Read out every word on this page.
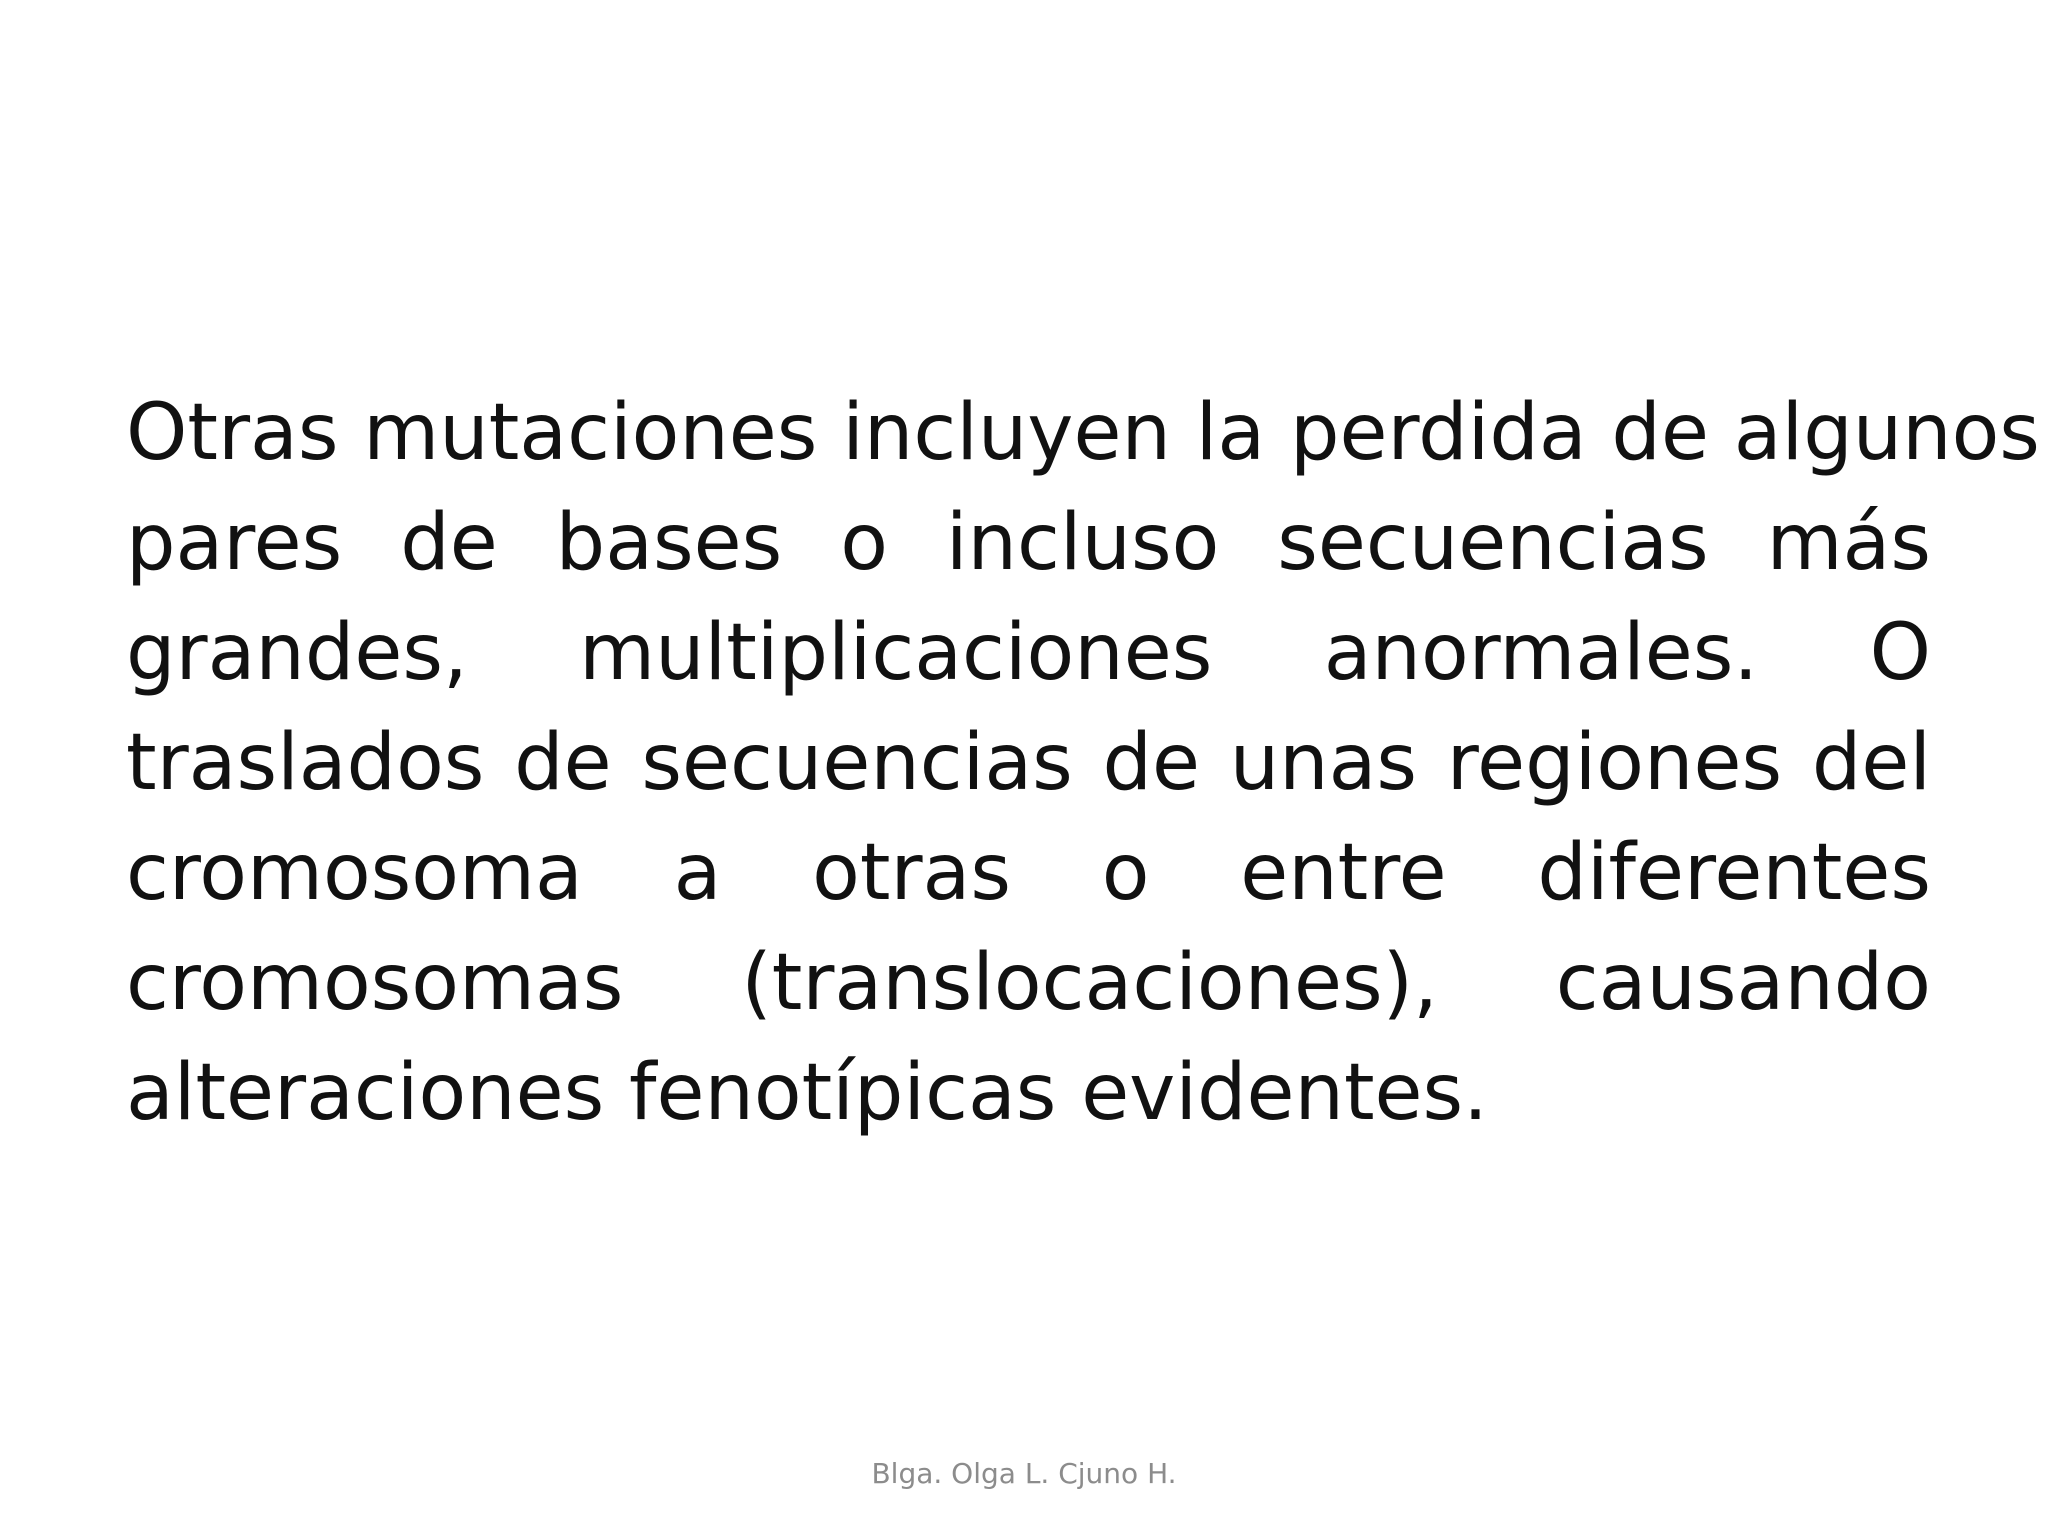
Otras mutaciones incluyen la perdida de algunos
pares de bases o incluso secuencias más
grandes, multiplicaciones anormales. O
traslados de secuencias de unas regiones del
cromosoma a otras o entre diferentes
cromosomas (translocaciones), causando
alteraciones fenotípicas evidentes.

Blga. Olga L. Cjuno H.
